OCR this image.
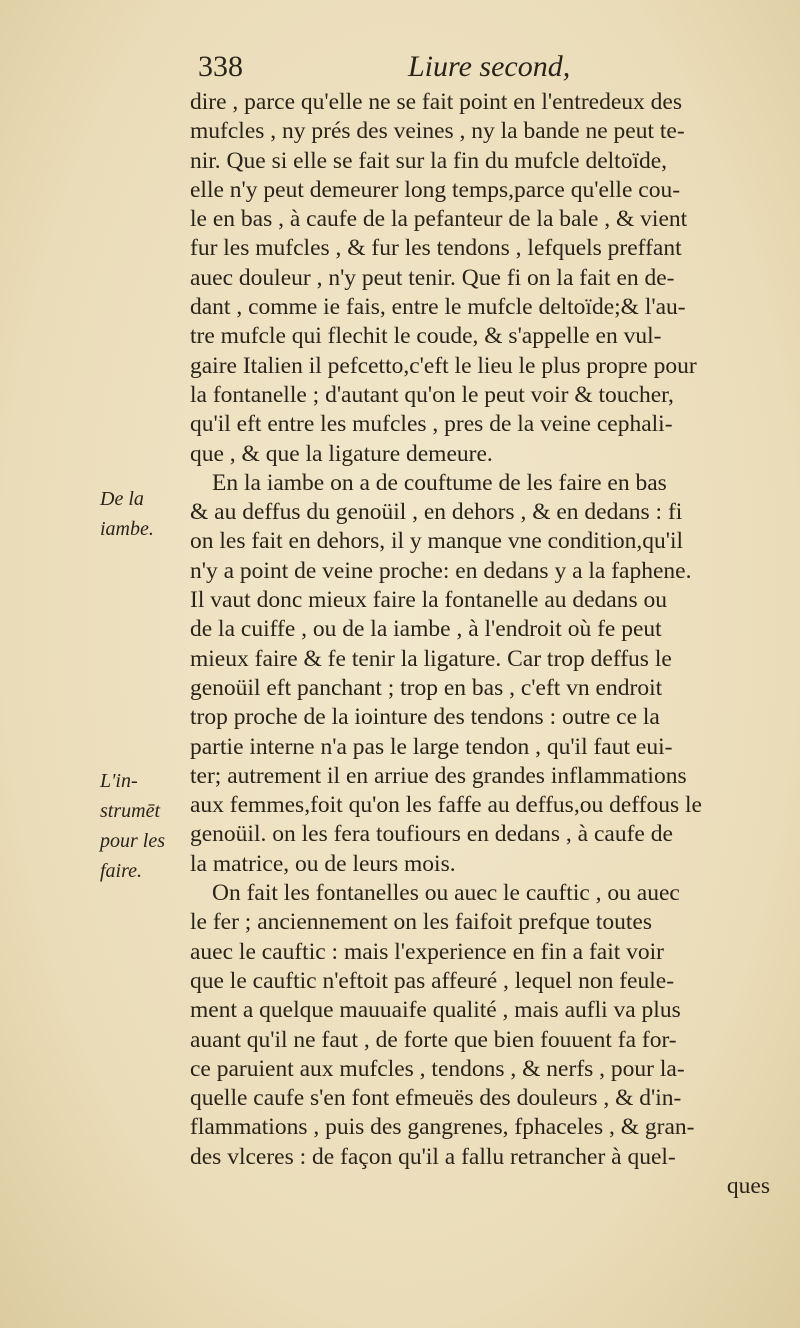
338	Liure second,
De la
iambe.
L'in-
strumēt
pour les
faire.
dire , parce qu'elle ne se fait point en l'entredeux des
mufcles , ny prés des veines , ny la bande ne peut te-
nir. Que si elle se fait sur la fin du mufcle deltoïde,
elle n'y peut demeurer long temps,parce qu'elle cou-
le en bas , à caufe de la pefanteur de la bale , & vient
fur les mufcles , & fur les tendons , lefquels preffant
auec douleur , n'y peut tenir. Que fi on la fait en de-
dant , comme ie fais, entre le mufcle deltoïde;& l'au-
tre mufcle qui flechit le coude, & s'appelle en vul-
gaire Italien il pefcetto,c'eft le lieu le plus propre pour
la fontanelle ; d'autant qu'on le peut voir & toucher,
qu'il eft entre les mufcles , pres de la veine cephali-
que , & que la ligature demeure.
En la iambe on a de couftume de les faire en bas
& au deffus du genoüil , en dehors , & en dedans : fi
on les fait en dehors, il y manque vne condition,qu'il
n'y a point de veine proche: en dedans y a la faphene.
Il vaut donc mieux faire la fontanelle au dedans ou
de la cuiffe , ou de la iambe , à l'endroit où fe peut
mieux faire & fe tenir la ligature. Car trop deffus le
genoüil eft panchant ; trop en bas , c'eft vn endroit
trop proche de la iointure des tendons : outre ce la
partie interne n'a pas le large tendon , qu'il faut eui-
ter; autrement il en arriue des grandes inflammations
aux femmes,foit qu'on les faffe au deffus,ou deffous le
genoüil. on les fera toufiours en dedans , à caufe de
la matrice, ou de leurs mois.
On fait les fontanelles ou auec le cauftic , ou auec
le fer ; anciennement on les faifoit prefque toutes
auec le cauftic : mais l'experience en fin a fait voir
que le cauftic n'eftoit pas affeuré , lequel non feule-
ment a quelque mauuaife qualité , mais aufli va plus
auant qu'il ne faut , de forte que bien fouuent fa for-
ce paruient aux mufcles , tendons , & nerfs , pour la-
quelle caufe s'en font efmeuës des douleurs , & d'in-
flammations , puis des gangrenes, fphaceles , & gran-
des vlceres : de façon qu'il a fallu retrancher à quel-
ques
